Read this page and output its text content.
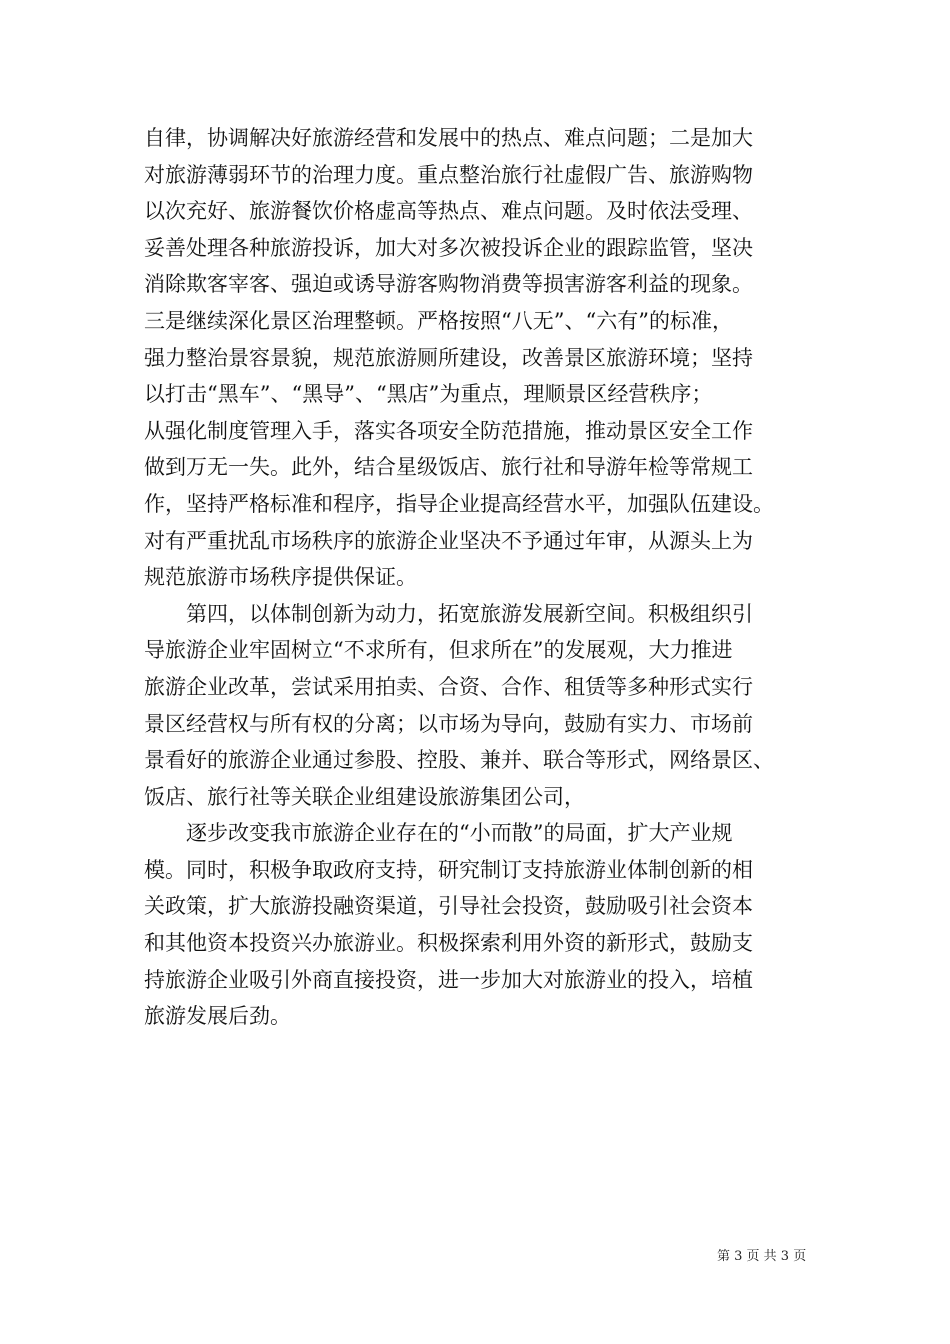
自律，协调解决好旅游经营和发展中的热点、难点问题；二是加大
对旅游薄弱环节的治理力度。重点整治旅行社虚假广告、旅游购物
以次充好、旅游餐饮价格虚高等热点、难点问题。及时依法受理、
妥善处理各种旅游投诉，加大对多次被投诉企业的跟踪监管，坚决
消除欺客宰客、强迫或诱导游客购物消费等损害游客利益的现象。
三是继续深化景区治理整顿。严格按照“八无”、“六有”的标准，
强力整治景容景貌，规范旅游厕所建设，改善景区旅游环境；坚持
以打击“黑车”、“黑导”、“黑店”为重点，理顺景区经营秩序；
从强化制度管理入手，落实各项安全防范措施，推动景区安全工作
做到万无一失。此外，结合星级饭店、旅行社和导游年检等常规工
作，坚持严格标准和程序，指导企业提高经营水平，加强队伍建设。
对有严重扰乱市场秩序的旅游企业坚决不予通过年审，从源头上为
规范旅游市场秩序提供保证。
　　第四，以体制创新为动力，拓宽旅游发展新空间。积极组织引
导旅游企业牢固树立“不求所有，但求所在”的发展观，大力推进
旅游企业改革，尝试采用拍卖、合资、合作、租赁等多种形式实行
景区经营权与所有权的分离；以市场为导向，鼓励有实力、市场前
景看好的旅游企业通过参股、控股、兼并、联合等形式，网络景区、
饭店、旅行社等关联企业组建设旅游集团公司，
　　逐步改变我市旅游企业存在的“小而散”的局面，扩大产业规
模。同时，积极争取政府支持，研究制订支持旅游业体制创新的相
关政策，扩大旅游投融资渠道，引导社会投资，鼓励吸引社会资本
和其他资本投资兴办旅游业。积极探索利用外资的新形式，鼓励支
持旅游企业吸引外商直接投资，进一步加大对旅游业的投入，培植
旅游发展后劲。
第 3 页 共 3 页
